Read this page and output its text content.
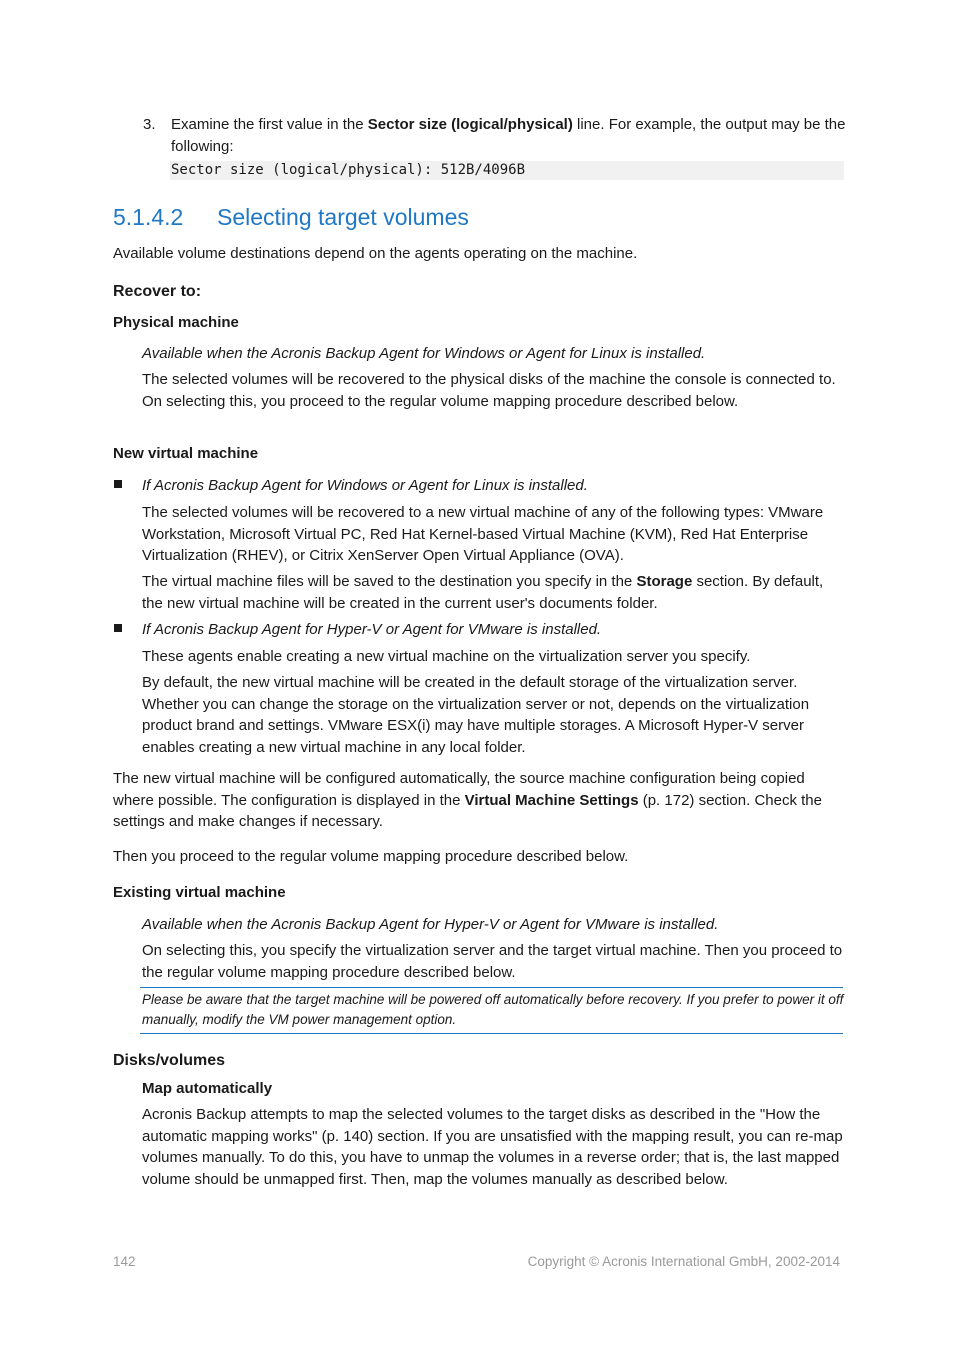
3. Examine the first value in the Sector size (logical/physical) line. For example, the output may be the following:

Sector size (logical/physical): 512B/4096B
5.1.4.2 Selecting target volumes

Available volume destinations depend on the agents operating on the machine.

Recover to:

Physical machine

Available when the Acronis Backup Agent for Windows or Agent for Linux is installed.

The selected volumes will be recovered to the physical disks of the machine the console is connected to. On selecting this, you proceed to the regular volume mapping procedure described below.

New virtual machine

If Acronis Backup Agent for Windows or Agent for Linux is installed.

The selected volumes will be recovered to a new virtual machine of any of the following types: VMware Workstation, Microsoft Virtual PC, Red Hat Kernel-based Virtual Machine (KVM), Red Hat Enterprise Virtualization (RHEV), or Citrix XenServer Open Virtual Appliance (OVA).

The virtual machine files will be saved to the destination you specify in the Storage section. By default, the new virtual machine will be created in the current user's documents folder.

If Acronis Backup Agent for Hyper-V or Agent for VMware is installed.

These agents enable creating a new virtual machine on the virtualization server you specify.

By default, the new virtual machine will be created in the default storage of the virtualization server. Whether you can change the storage on the virtualization server or not, depends on the virtualization product brand and settings. VMware ESX(i) may have multiple storages. A Microsoft Hyper-V server enables creating a new virtual machine in any local folder.

The new virtual machine will be configured automatically, the source machine configuration being copied where possible. The configuration is displayed in the Virtual Machine Settings (p. 172) section. Check the settings and make changes if necessary.

Then you proceed to the regular volume mapping procedure described below.

Existing virtual machine

Available when the Acronis Backup Agent for Hyper-V or Agent for VMware is installed.

On selecting this, you specify the virtualization server and the target virtual machine. Then you proceed to the regular volume mapping procedure described below.

Please be aware that the target machine will be powered off automatically before recovery. If you prefer to power it off manually, modify the VM power management option.

Disks/volumes

Map automatically

Acronis Backup attempts to map the selected volumes to the target disks as described in the "How the automatic mapping works" (p. 140) section. If you are unsatisfied with the mapping result, you can re-map volumes manually. To do this, you have to unmap the volumes in a reverse order; that is, the last mapped volume should be unmapped first. Then, map the volumes manually as described below.

142	Copyright © Acronis International GmbH, 2002-2014
